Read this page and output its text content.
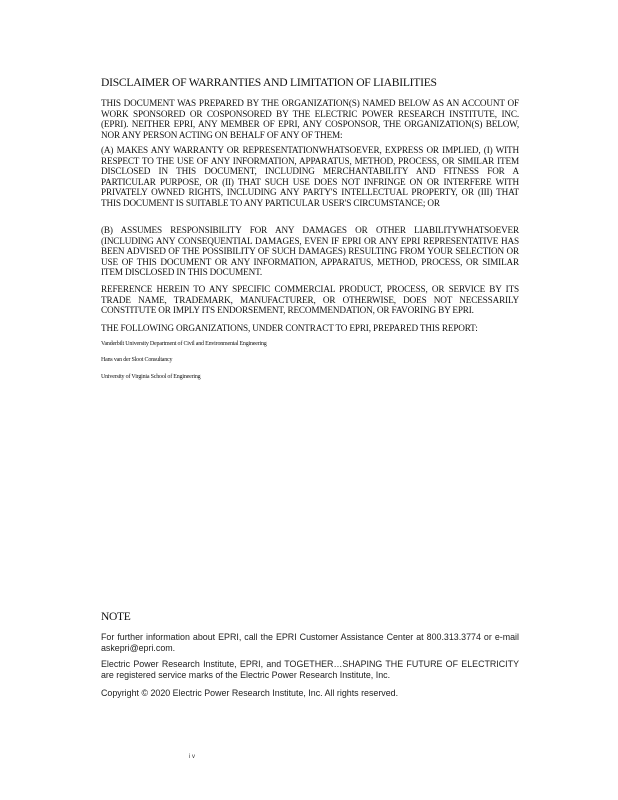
DISCLAIMER OF WARRANTIES AND LIMITATION OF LIABILITIES
THIS DOCUMENT WAS PREPARED BY THE ORGANIZATION(S) NAMED BELOW AS AN ACCOUNT OF WORK SPONSORED OR COSPONSORED BY THE ELECTRIC POWER RESEARCH INSTITUTE, INC. (EPRI). NEITHER EPRI, ANY MEMBER OF EPRI, ANY COSPONSOR, THE ORGANIZATION(S) BELOW, NOR ANY PERSON ACTING ON BEHALF OF ANY OF THEM:
(A) MAKES ANY WARRANTY OR REPRESENTATIONWHATSOEVER, EXPRESS OR IMPLIED, (I) WITH RESPECT TO THE USE OF ANY INFORMATION, APPARATUS, METHOD, PROCESS, OR SIMILAR ITEM DISCLOSED IN THIS DOCUMENT, INCLUDING MERCHANTABILITY AND FITNESS FOR A PARTICULAR PURPOSE, OR (II) THAT SUCH USE DOES NOT INFRINGE ON OR INTERFERE WITH PRIVATELY OWNED RIGHTS, INCLUDING ANY PARTY'S INTELLECTUAL PROPERTY, OR (III) THAT THIS DOCUMENT IS SUITABLE TO ANY PARTICULAR USER'S CIRCUMSTANCE; OR
(B) ASSUMES RESPONSIBILITY FOR ANY DAMAGES OR OTHER LIABILITYWHATSOEVER (INCLUDING ANY CONSEQUENTIAL DAMAGES, EVEN IF EPRI OR ANY EPRI REPRESENTATIVE HAS BEEN ADVISED OF THE POSSIBILITY OF SUCH DAMAGES) RESULTING FROM YOUR SELECTION OR USE OF THIS DOCUMENT OR ANY INFORMATION, APPARATUS, METHOD, PROCESS, OR SIMILAR ITEM DISCLOSED IN THIS DOCUMENT.
REFERENCE HEREIN TO ANY SPECIFIC COMMERCIAL PRODUCT, PROCESS, OR SERVICE BY ITS TRADE NAME, TRADEMARK, MANUFACTURER, OR OTHERWISE, DOES NOT NECESSARILY CONSTITUTE OR IMPLY ITS ENDORSEMENT, RECOMMENDATION, OR FAVORING BY EPRI.
THE FOLLOWING ORGANIZATIONS, UNDER CONTRACT TO EPRI, PREPARED THIS REPORT:
Vanderbilt University Department of Civil and Environmental Engineering
Hans van der Sloot Consultancy
University of Virginia School of Engineering
NOTE
For further information about EPRI, call the EPRI Customer Assistance Center at 800.313.3774 or e-mail askepri@epri.com.
Electric Power Research Institute, EPRI, and TOGETHER…SHAPING THE FUTURE OF ELECTRICITY are registered service marks of the Electric Power Research Institute, Inc.
Copyright © 2020 Electric Power Research Institute, Inc. All rights reserved.
i v
